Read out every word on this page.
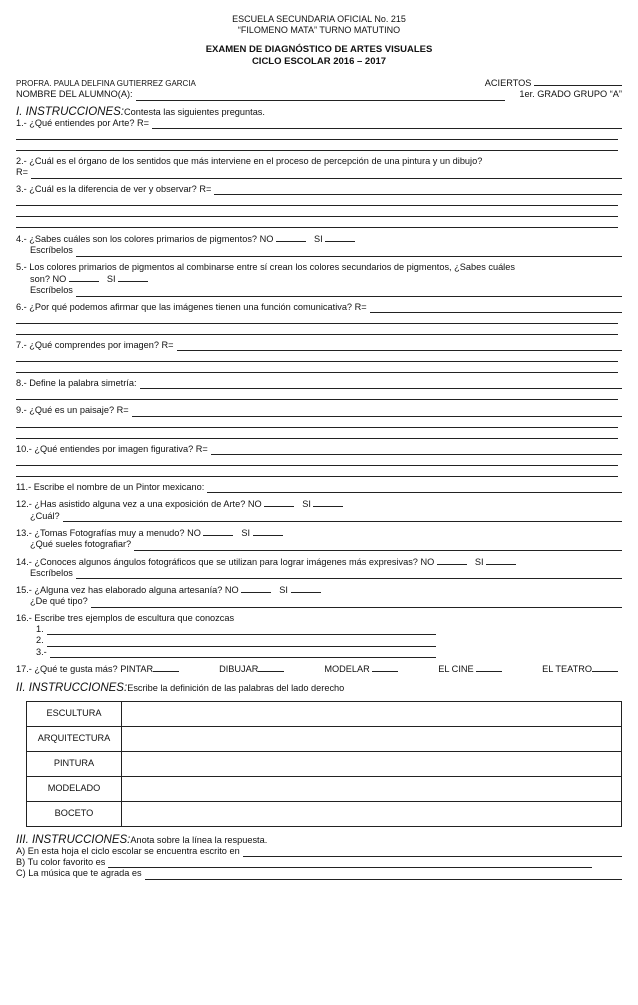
ESCUELA SECUNDARIA OFICIAL No. 215
“FILOMENO MATA” TURNO MATUTINO
EXAMEN DE DIAGNÓSTICO DE ARTES VISUALES
CICLO ESCOLAR 2016 – 2017
PROFRA. PAULA DELFINA GUTIERREZ GARCIA	ACIERTOS
NOMBRE DEL ALUMNO(A):	1er. GRADO GRUPO “A”
I. INSTRUCCIONES:Contesta las siguientes preguntas.
1.- ¿Qué entiendes por Arte? R=
2.- ¿Cuál es el órgano de los sentidos que más interviene en el proceso de percepción de una pintura y un dibujo?
R=
3.- ¿Cuál es la diferencia de ver y observar? R=
4.- ¿Sabes cuáles son los colores primarios de pigmentos? NO	SI
Escríbelos
5.- Los colores primarios de pigmentos al combinarse entre sí crean los colores secundarios de pigmentos, ¿Sabes cuáles
son? NO	SI
Escríbelos
6.- ¿Por qué podemos afirmar que las imágenes tienen una función comunicativa? R=
7.- ¿Qué comprendes por imagen? R=
8.- Define la palabra simetría:
9.- ¿Qué es un paisaje? R=
10.- ¿Qué entiendes por imagen figurativa? R=
11.- Escribe el nombre de un Pintor mexicano:
12.- ¿Has asistido alguna vez a una exposición de Arte? NO	SI
¿Cuál?
13.- ¿Tomas Fotografías muy a menudo? NO	SI
¿Qué sueles fotografiar?
14.- ¿Conoces algunos ángulos fotográficos que se utilizan para lograr imágenes más expresivas? NO	SI
Escríbelos
15.- ¿Alguna vez has elaborado alguna artesanía? NO	SI
¿De qué tipo?
16.- Escribe tres ejemplos de escultura que conozcas
1.
2.
3.-
17.- ¿Qué te gusta más? PINTAR	DIBUJAR	MODELAR	EL CINE	EL TEATRO
II. INSTRUCCIONES:Escribe la definición de las palabras del lado derecho
ESCULTURA	
ARQUITECTURA	
PINTURA	
MODELADO	
BOCETO	
III. INSTRUCCIONES:Anota sobre la línea la respuesta.
A) En esta hoja el ciclo escolar se encuentra escrito en
B) Tu color favorito es
C) La música que te agrada es
